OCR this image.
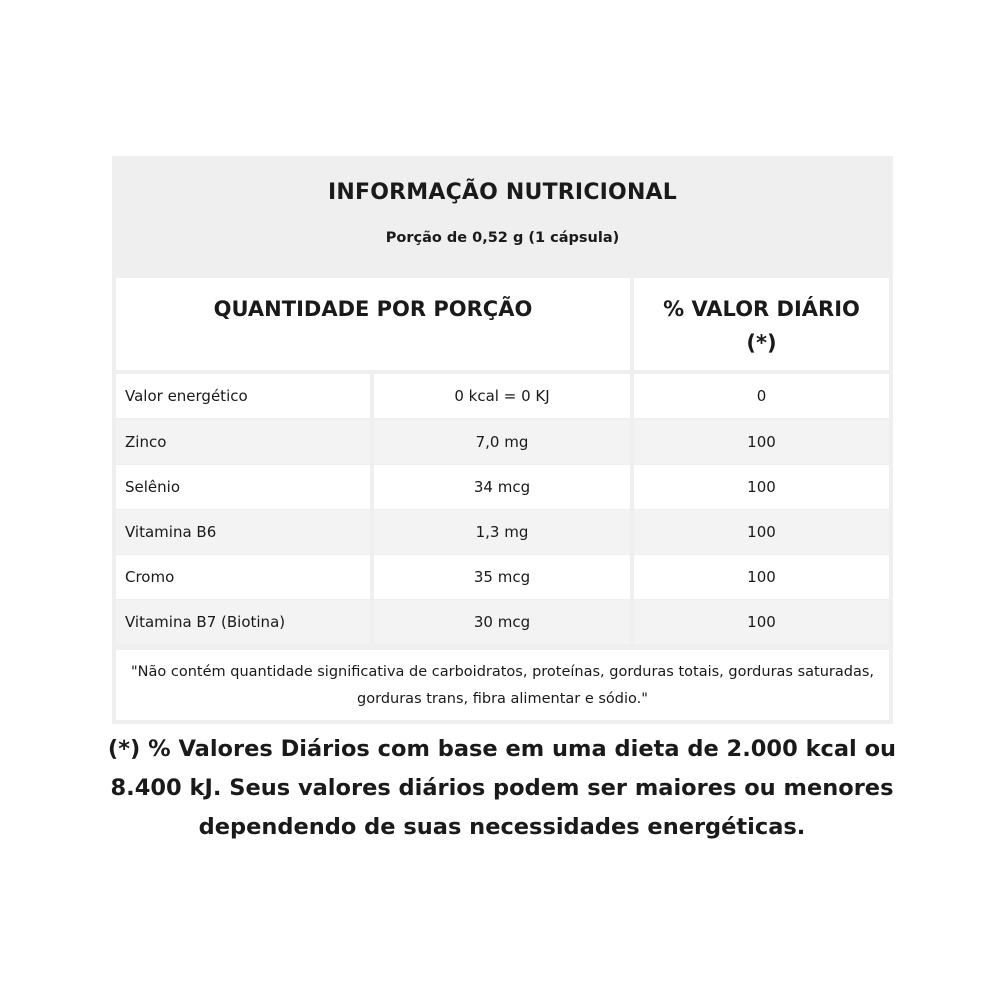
INFORMAÇÃO NUTRICIONAL
Porção de 0,52 g (1 cápsula)
QUANTIDADE POR PORÇÃO	% VALOR DIÁRIO (*)
Valor energético	0 kcal = 0 KJ	0
Zinco	7,0 mg	100
Selênio	34 mcg	100
Vitamina B6	1,3 mg	100
Cromo	35 mcg	100
Vitamina B7 (Biotina)	30 mcg	100
"Não contém quantidade significativa de carboidratos, proteínas, gorduras totais, gorduras saturadas, gorduras trans, fibra alimentar e sódio."
(*) % Valores Diários com base em uma dieta de 2.000 kcal ou 8.400 kJ. Seus valores diários podem ser maiores ou menores dependendo de suas necessidades energéticas.
